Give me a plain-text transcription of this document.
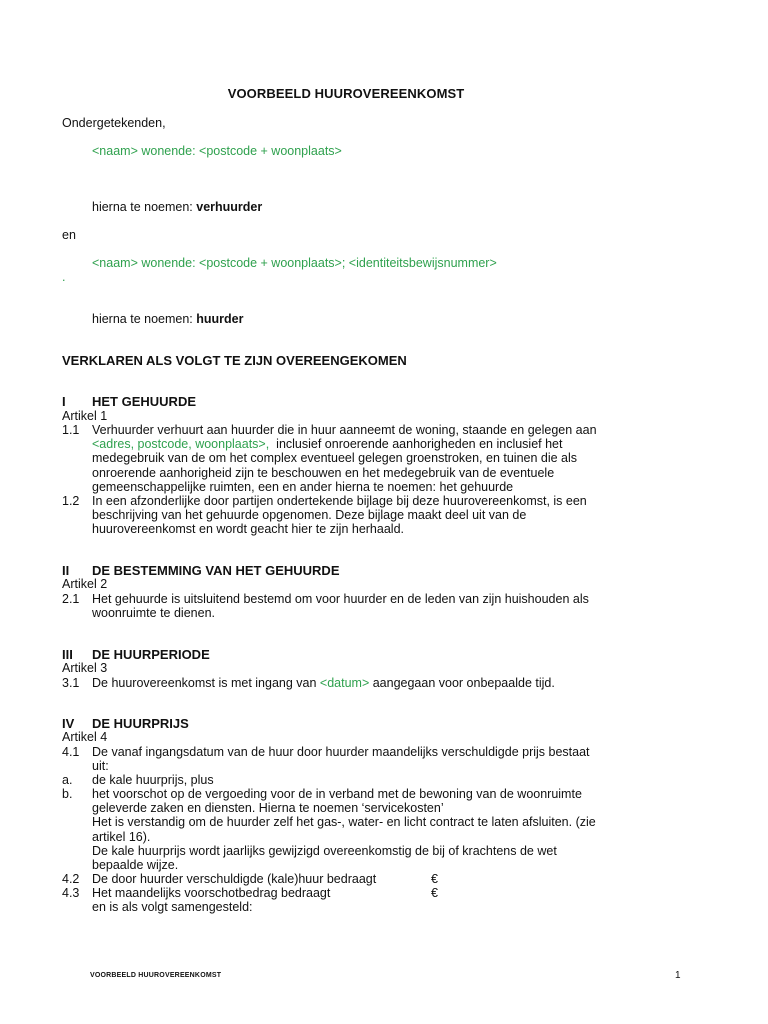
VOORBEELD HUUROVEREENKOMST
Ondergetekenden,
<naam> wonende: <postcode + woonplaats>
hierna te noemen: verhuurder
en
<naam> wonende: <postcode + woonplaats>; <identiteitsbewijsnummer>
.
hierna te noemen: huurder
VERKLAREN ALS VOLGT TE ZIJN OVEREENGEKOMEN
I HET GEHUURDE
Artikel 1
1.1 Verhuurder verhuurt aan huurder die in huur aanneemt de woning, staande en gelegen aan
<adres, postcode, woonplaats>,  inclusief onroerende aanhorigheden en inclusief het
medegebruik van de om het complex eventueel gelegen groenstroken, en tuinen die als
onroerende aanhorigheid zijn te beschouwen en het medegebruik van de eventuele
gemeenschappelijke ruimten, een en ander hierna te noemen: het gehuurde
1.2 In een afzonderlijke door partijen ondertekende bijlage bij deze huurovereenkomst, is een
beschrijving van het gehuurde opgenomen. Deze bijlage maakt deel uit van de
huurovereenkomst en wordt geacht hier te zijn herhaald.
II DE BESTEMMING VAN HET GEHUURDE
Artikel 2
2.1 Het gehuurde is uitsluitend bestemd om voor huurder en de leden van zijn huishouden als
woonruimte te dienen.
III DE HUURPERIODE
Artikel 3
3.1 De huurovereenkomst is met ingang van <datum> aangegaan voor onbepaalde tijd.
IV DE HUURPRIJS
Artikel 4
4.1 De vanaf ingangsdatum van de huur door huurder maandelijks verschuldigde prijs bestaat
uit:
a. de kale huurprijs, plus
b. het voorschot op de vergoeding voor de in verband met de bewoning van de woonruimte
geleverde zaken en diensten. Hierna te noemen ‘servicekosten’
Het is verstandig om de huurder zelf het gas-, water- en licht contract te laten afsluiten. (zie
artikel 16).
De kale huurprijs wordt jaarlijks gewijzigd overeenkomstig de bij of krachtens de wet
bepaalde wijze.
4.2 De door huurder verschuldigde (kale)huur bedraagt	€
4.3 Het maandelijks voorschotbedrag bedraagt
en is als volgt samengesteld:
€
VOORBEELD HUUROVEREENKOMST	1
